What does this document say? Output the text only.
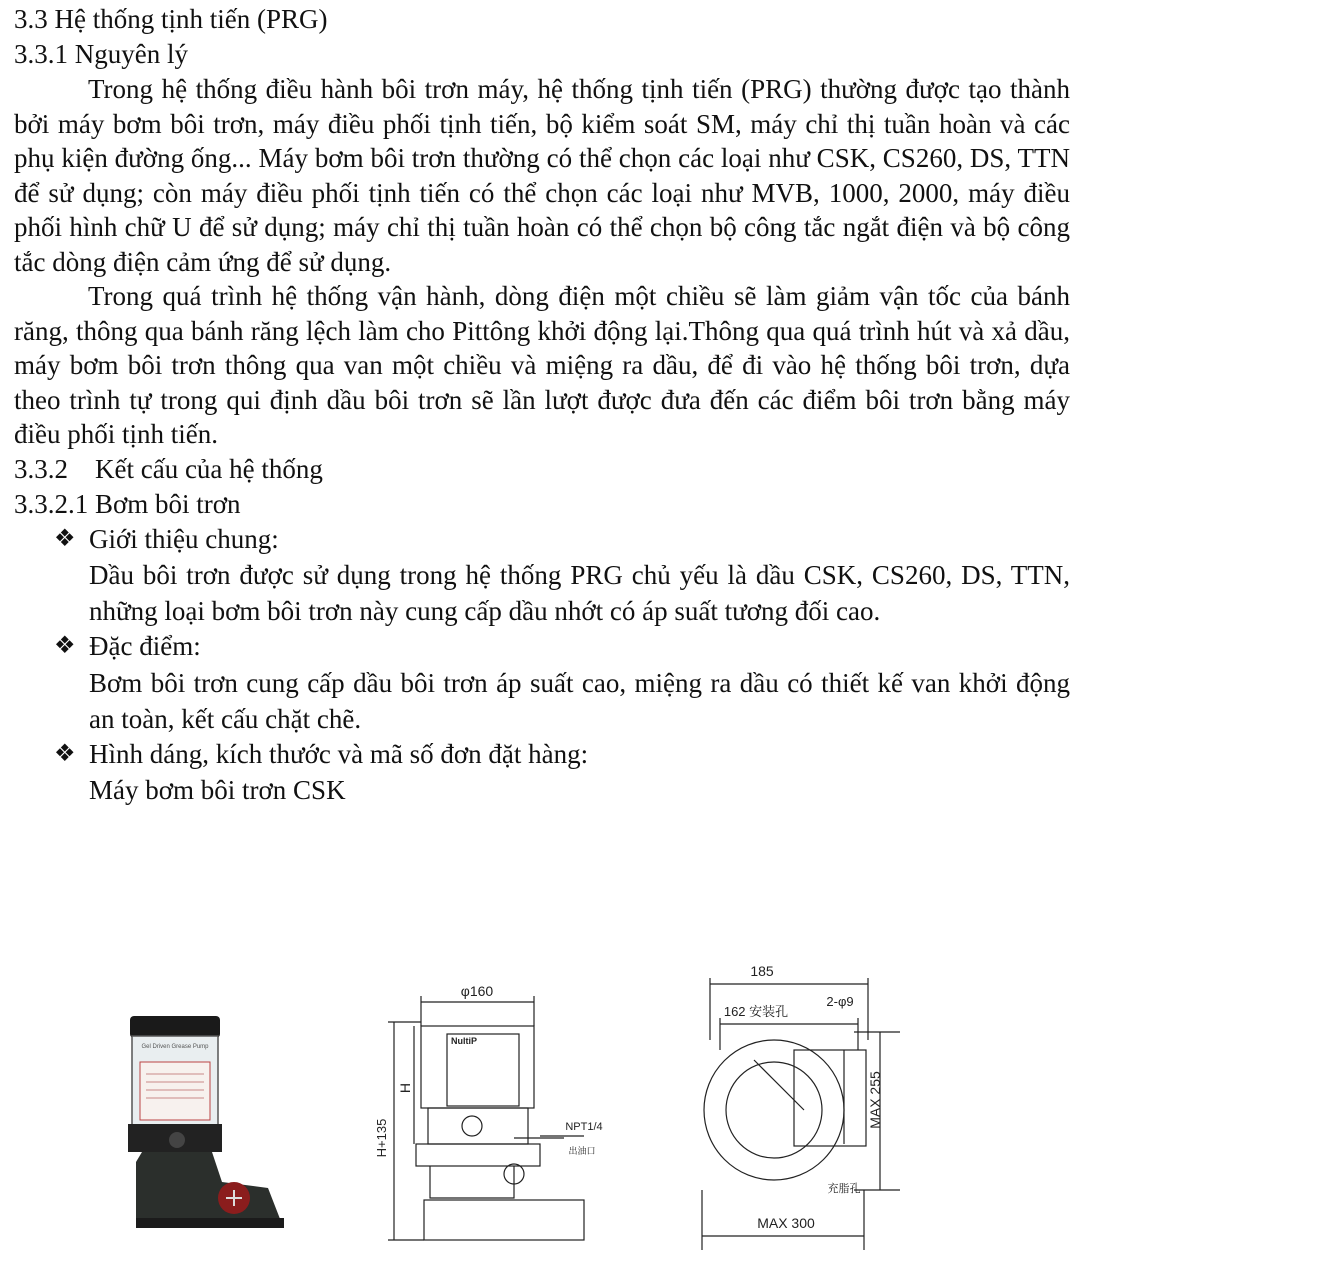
3.3 Hệ thống tịnh tiến (PRG)
3.3.1 Nguyên lý

Trong hệ thống điều hành bôi trơn máy, hệ thống tịnh tiến (PRG) thường được tạo thành bởi máy bơm bôi trơn, máy điều phối tịnh tiến, bộ kiểm soát SM, máy chỉ thị tuần hoàn và các phụ kiện đường ống... Máy bơm bôi trơn thường có thể chọn các loại như CSK, CS260, DS, TTN để sử dụng; còn máy điều phối tịnh tiến có thể chọn các loại như MVB, 1000, 2000, máy điều phối hình chữ U để sử dụng; máy chỉ thị tuần hoàn có thể chọn bộ công tắc ngắt điện và bộ công tắc dòng điện cảm ứng để sử dụng.

Trong quá trình hệ thống vận hành, dòng điện một chiều sẽ làm giảm vận tốc của bánh răng, thông qua bánh răng lệch làm cho Pittông khởi động lại.Thông qua quá trình hút và xả dầu, máy bơm bôi trơn thông qua van một chiều và miệng ra dầu, để đi vào hệ thống bôi trơn, dựa theo trình tự trong qui định dầu bôi trơn sẽ lần lượt được đưa đến các điểm bôi trơn bằng máy điều phối tịnh tiến.

3.3.2    Kết cấu của hệ thống
3.3.2.1 Bơm bôi trơn
❖ Giới thiệu chung:
Dầu bôi trơn được sử dụng trong hệ thống PRG chủ yếu là dầu CSK, CS260, DS, TTN, những loại bơm bôi trơn này cung cấp dầu nhớt có áp suất tương đối cao.
❖ Đặc điểm:
Bơm bôi trơn cung cấp dầu bôi trơn áp suất cao, miệng ra dầu có thiết kế van khởi động an toàn, kết cấu chặt chẽ.
❖ Hình dáng, kích thước và mã số đơn đặt hàng:
Máy bơm bôi trơn CSK
Gel Driven Grease Pump
φ160
H
H+135
NultiP
NPT1/4
出油口
185
162 安装孔
2-φ9
MAX 255
充脂孔
MAX 300
